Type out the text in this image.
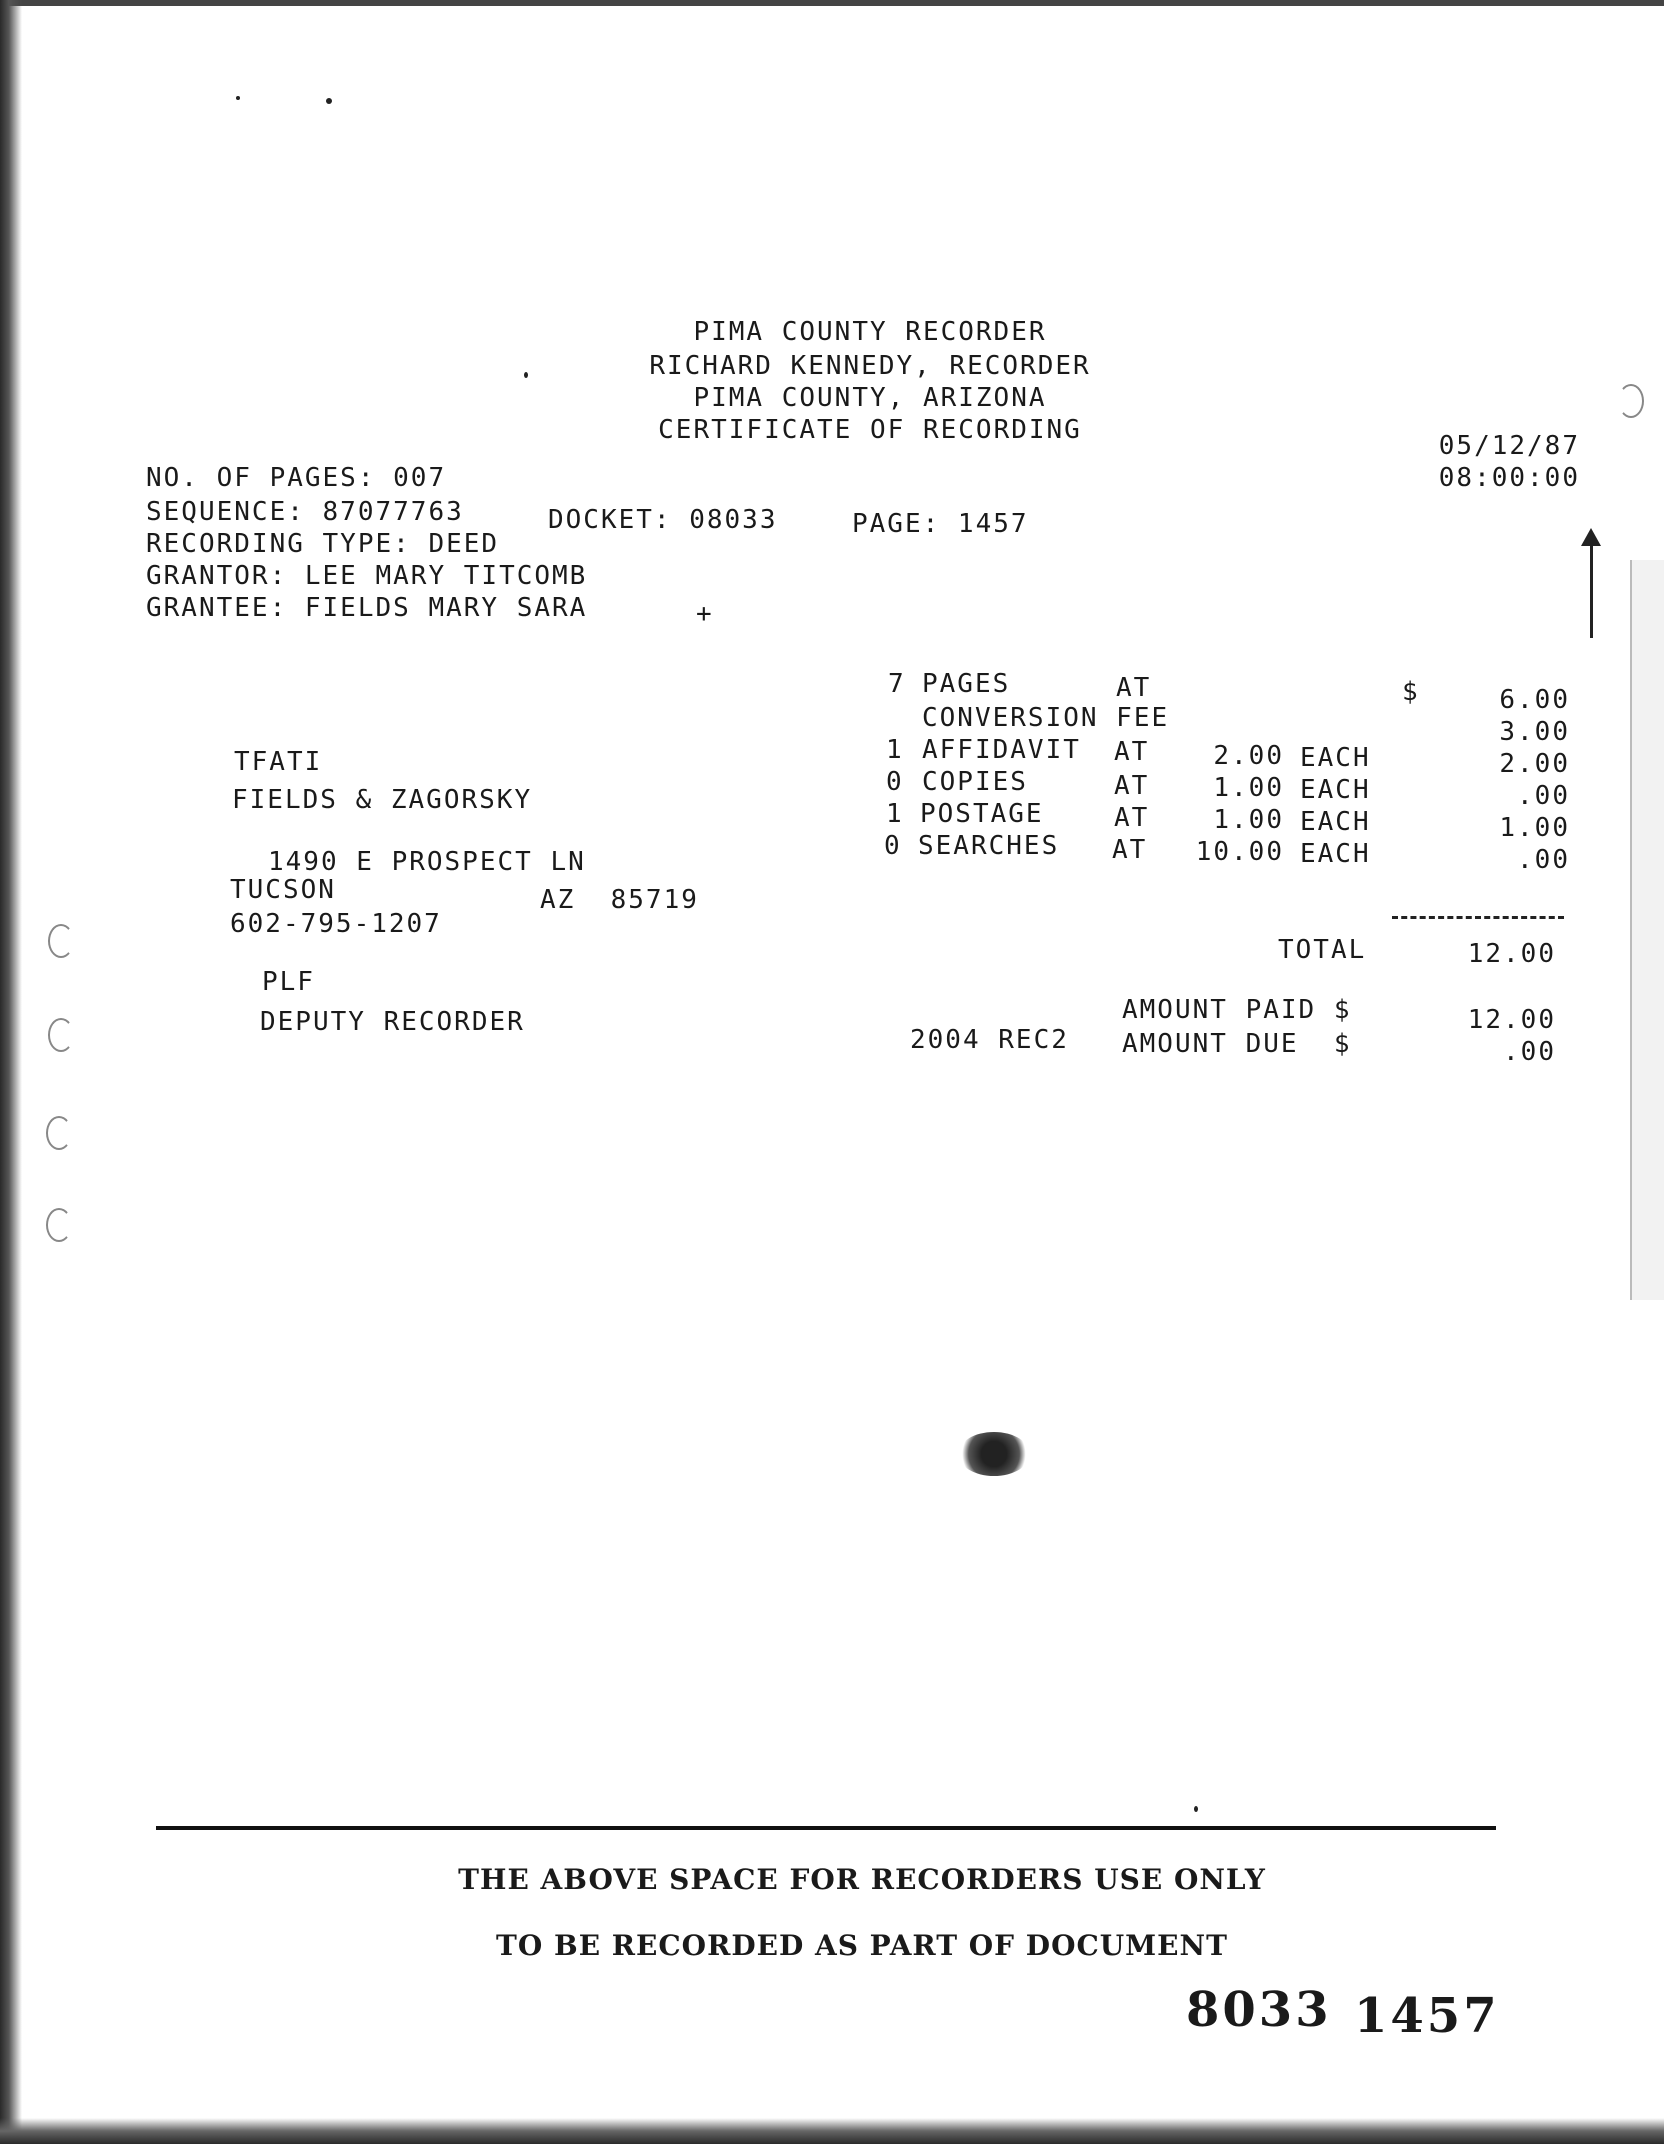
PIMA COUNTY RECORDER
RICHARD KENNEDY, RECORDER
PIMA COUNTY, ARIZONA
CERTIFICATE OF RECORDING
05/12/87
08:00:00
NO. OF PAGES: 007
SEQUENCE: 87077763	DOCKET: 08033	PAGE: 1457
RECORDING TYPE: DEED
GRANTOR: LEE MARY TITCOMB
GRANTEE: FIELDS MARY SARA	+
7 PAGES	AT	$	6.00
CONVERSION FEE	3.00
1 AFFIDAVIT AT	2.00 EACH	2.00
0 COPIES	AT	1.00 EACH	.00
1 POSTAGE	AT	1.00 EACH	1.00
0 SEARCHES AT	10.00 EACH	.00
TOTAL	12.00
AMOUNT PAID $	12.00
2004 REC2 AMOUNT DUE  $	.00
TFATI
FIELDS & ZAGORSKY
1490 E PROSPECT LN
TUCSON	AZ  85719
602-795-1207
PLF
DEPUTY RECORDER
THE ABOVE SPACE FOR RECORDERS USE ONLY
TO BE RECORDED AS PART OF DOCUMENT
8033 1457
